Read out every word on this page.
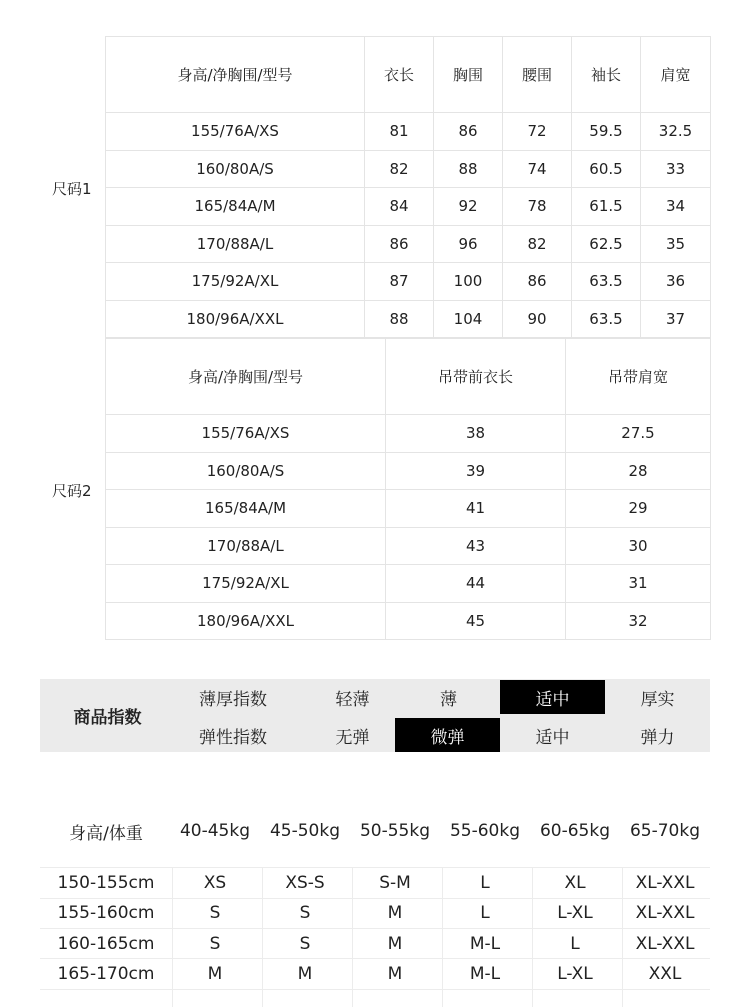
尺码1
身高/净胸围/型号	衣长	胸围	腰围	袖长	肩宽
155/76A/XS	81	86	72	59.5	32.5
160/80A/S	82	88	74	60.5	33
165/84A/M	84	92	78	61.5	34
170/88A/L	86	96	82	62.5	35
175/92A/XL	87	100	86	63.5	36
180/96A/XXL	88	104	90	63.5	37
尺码2
身高/净胸围/型号	吊带前衣长	吊带肩宽
155/76A/XS	38	27.5
160/80A/S	39	28
165/84A/M	41	29
170/88A/L	43	30
175/92A/XL	44	31
180/96A/XXL	45	32
商品指数
薄厚指数	轻薄	薄	适中	厚实
弹性指数	无弹	微弹	适中	弹力
身高/体重	40-45kg	45-50kg	50-55kg	55-60kg	60-65kg	65-70kg
150-155cm	XS	XS-S	S-M	L	XL	XL-XXL
155-160cm	S	S	M	L	L-XL	XL-XXL
160-165cm	S	S	M	M-L	L	XL-XXL
165-170cm	M	M	M	M-L	L-XL	XXL
